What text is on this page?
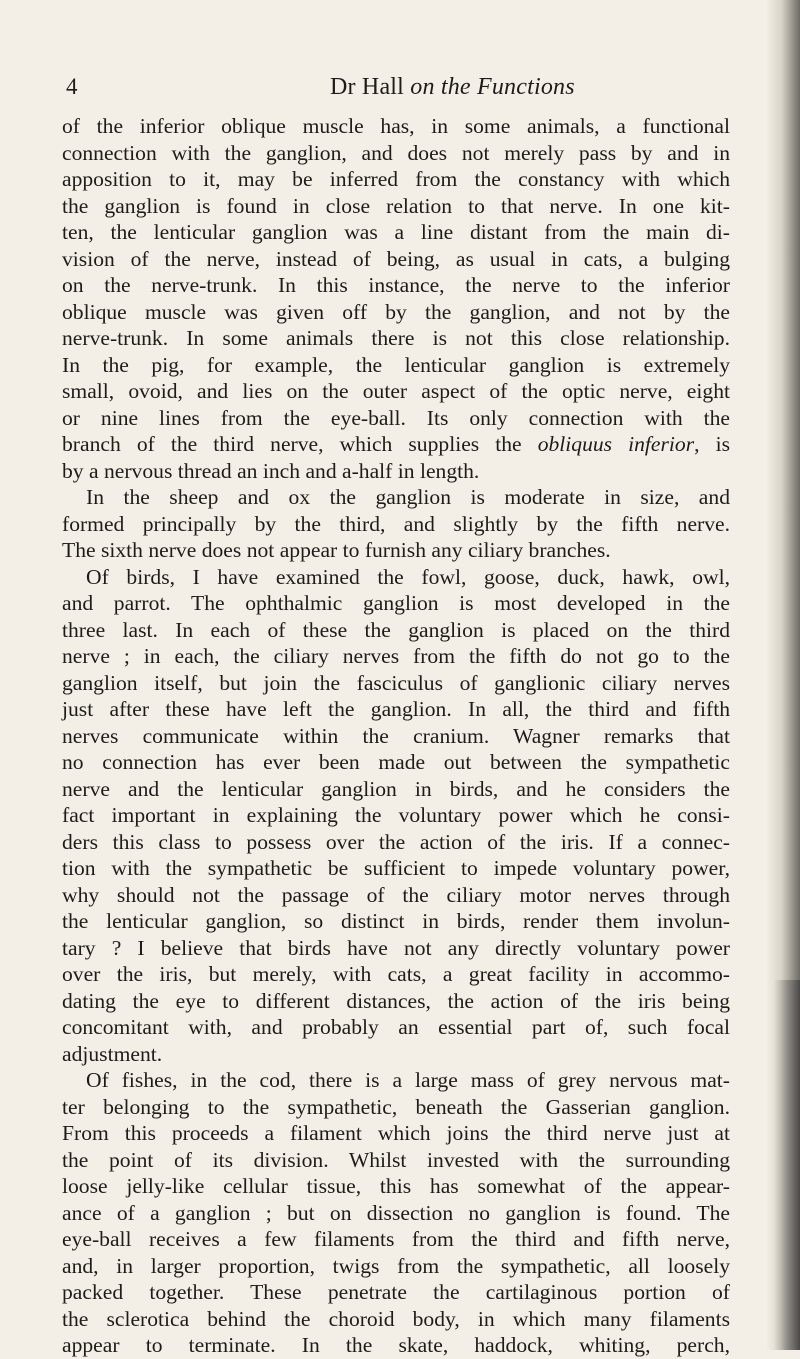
4	Dr Hall on the Functions
of the inferior oblique muscle has, in some animals, a functional
connection with the ganglion, and does not merely pass by and in
apposition to it, may be inferred from the constancy with which
the ganglion is found in close relation to that nerve. In one kit-
ten, the lenticular ganglion was a line distant from the main di-
vision of the nerve, instead of being, as usual in cats, a bulging
on the nerve-trunk. In this instance, the nerve to the inferior
oblique muscle was given off by the ganglion, and not by the
nerve-trunk. In some animals there is not this close relationship.
In the pig, for example, the lenticular ganglion is extremely
small, ovoid, and lies on the outer aspect of the optic nerve, eight
or nine lines from the eye-ball. Its only connection with the
branch of the third nerve, which supplies the obliquus inferior, is
by a nervous thread an inch and a-half in length.
In the sheep and ox the ganglion is moderate in size, and
formed principally by the third, and slightly by the fifth nerve.
The sixth nerve does not appear to furnish any ciliary branches.
Of birds, I have examined the fowl, goose, duck, hawk, owl,
and parrot. The ophthalmic ganglion is most developed in the
three last. In each of these the ganglion is placed on the third
nerve ; in each, the ciliary nerves from the fifth do not go to the
ganglion itself, but join the fasciculus of ganglionic ciliary nerves
just after these have left the ganglion. In all, the third and fifth
nerves communicate within the cranium. Wagner remarks that
no connection has ever been made out between the sympathetic
nerve and the lenticular ganglion in birds, and he considers the
fact important in explaining the voluntary power which he consi-
ders this class to possess over the action of the iris. If a connec-
tion with the sympathetic be sufficient to impede voluntary power,
why should not the passage of the ciliary motor nerves through
the lenticular ganglion, so distinct in birds, render them involun-
tary ? I believe that birds have not any directly voluntary power
over the iris, but merely, with cats, a great facility in accommo-
dating the eye to different distances, the action of the iris being
concomitant with, and probably an essential part of, such focal
adjustment.
Of fishes, in the cod, there is a large mass of grey nervous mat-
ter belonging to the sympathetic, beneath the Gasserian ganglion.
From this proceeds a filament which joins the third nerve just at
the point of its division. Whilst invested with the surrounding
loose jelly-like cellular tissue, this has somewhat of the appear-
ance of a ganglion ; but on dissection no ganglion is found. The
eye-ball receives a few filaments from the third and fifth nerve,
and, in larger proportion, twigs from the sympathetic, all loosely
packed together. These penetrate the cartilaginous portion of
the sclerotica behind the choroid body, in which many filaments
appear to terminate. In the skate, haddock, whiting, perch,
